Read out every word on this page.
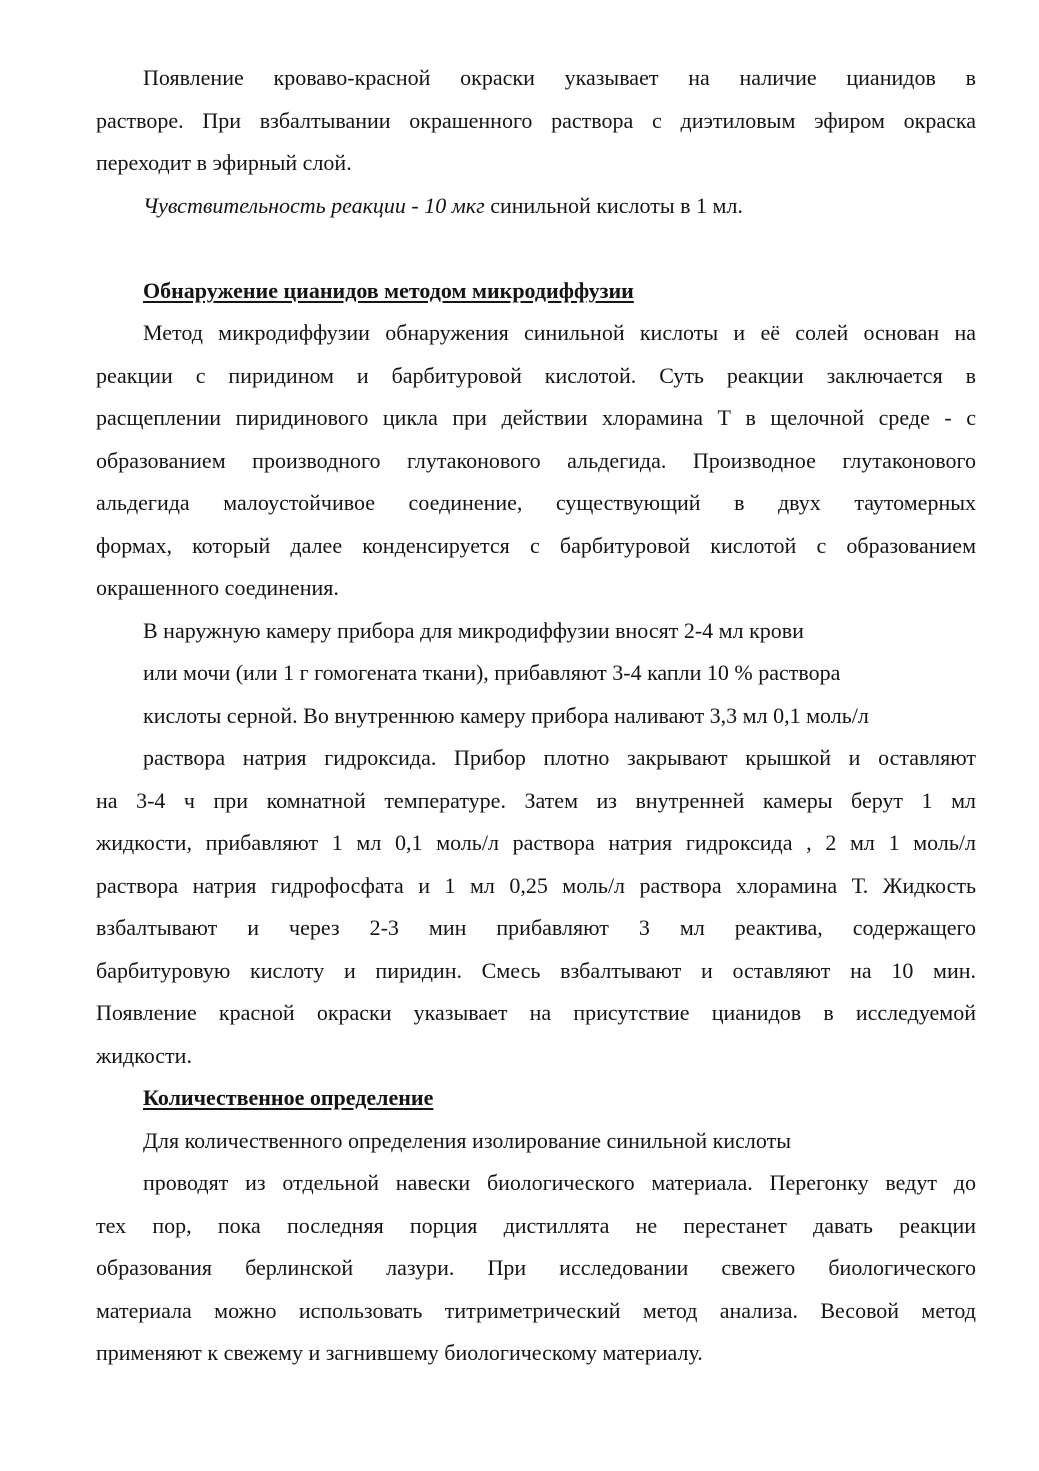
Появление кроваво-красной окраски указывает на наличие цианидов в
растворе. При взбалтывании окрашенного раствора с диэтиловым эфиром окраска
переходит в эфирный слой.
Чувствительность реакции - 10 мкг синильной кислоты в 1 мл.
Обнаружение цианидов методом микродиффузии
Метод микродиффузии обнаружения синильной кислоты и её солей основан на
реакции с пиридином и барбитуровой кислотой. Суть реакции заключается в
расщеплении пиридинового цикла при действии хлорамина Т в щелочной среде - с
образованием производного глутаконового альдегида. Производное глутаконового
альдегида малоустойчивое соединение, существующий в двух таутомерных
формах, который далее конденсируется с барбитуровой кислотой с образованием
окрашенного соединения.
В наружную камеру прибора для микродиффузии вносят 2-4 мл крови
или мочи (или 1 г гомогената ткани), прибавляют 3-4 капли 10 % раствора
кислоты серной. Во внутреннюю камеру прибора наливают 3,3 мл 0,1 моль/л
раствора натрия гидроксида. Прибор плотно закрывают крышкой и оставляют
на 3-4 ч при комнатной температуре. Затем из внутренней камеры берут 1 мл
жидкости, прибавляют 1 мл 0,1 моль/л раствора натрия гидроксида , 2 мл 1 моль/л
раствора натрия гидрофосфата и 1 мл 0,25 моль/л раствора хлорамина Т. Жидкость
взбалтывают и через 2-3 мин прибавляют 3 мл реактива, содержащего
барбитуровую кислоту и пиридин. Смесь взбалтывают и оставляют на 10 мин.
Появление красной окраски указывает на присутствие цианидов в исследуемой
жидкости.
Количественное определение
Для количественного определения изолирование синильной кислоты
проводят из отдельной навески биологического материала. Перегонку ведут до
тех пор, пока последняя порция дистиллята не перестанет давать реакции
образования берлинской лазури. При исследовании свежего биологического
материала можно использовать титриметрический метод анализа. Весовой метод
применяют к свежему и загнившему биологическому материалу.
